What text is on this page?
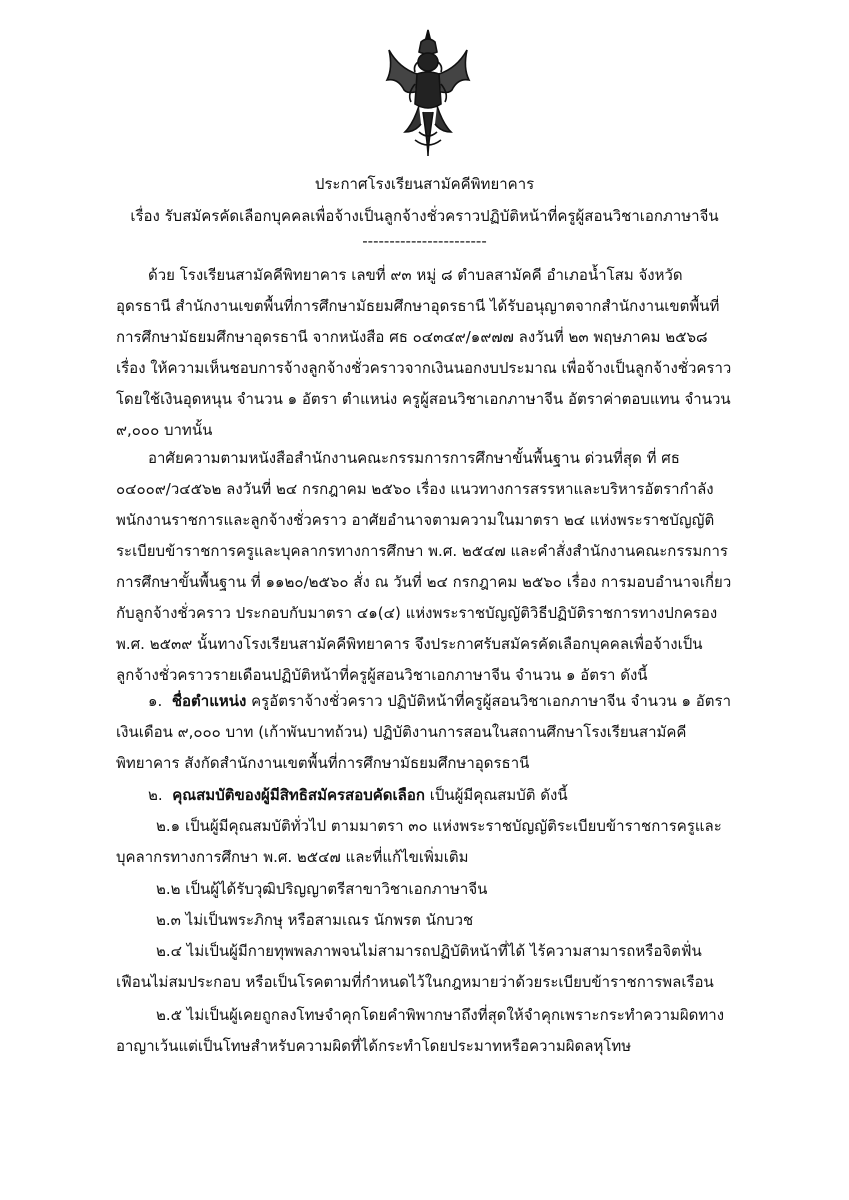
ประกาศโรงเรียนสามัคคีพิทยาคาร
เรื่อง รับสมัครคัดเลือกบุคคลเพื่อจ้างเป็นลูกจ้างชั่วคราวปฏิบัติหน้าที่ครูผู้สอนวิชาเอกภาษาจีน
-----------------------
ด้วย โรงเรียนสามัคคีพิทยาคาร เลขที่ ๙๓ หมู่ ๘ ตำบลสามัคคี อำเภอน้ำโสม จังหวัดอุดรธานี สำนักงานเขตพื้นที่การศึกษามัธยมศึกษาอุดรธานี ได้รับอนุญาตจากสำนักงานเขตพื้นที่การศึกษามัธยมศึกษาอุดรธานี จากหนังสือ ศธ ๐๔๓๔๙/๑๙๗๗ ลงวันที่ ๒๓ พฤษภาคม ๒๕๖๘ เรื่อง ให้ความเห็นชอบการจ้างลูกจ้างชั่วคราวจากเงินนอกงบประมาณ เพื่อจ้างเป็นลูกจ้างชั่วคราว โดยใช้เงินอุดหนุน จำนวน ๑ อัตรา ตำแหน่ง ครูผู้สอนวิชาเอกภาษาจีน อัตราค่าตอบแทน จำนวน ๙,๐๐๐ บาทนั้น
อาศัยความตามหนังสือสำนักงานคณะกรรมการการศึกษาขั้นพื้นฐาน ด่วนที่สุด ที่ ศธ ๐๔๐๐๙/ว๔๕๖๒ ลงวันที่ ๒๔ กรกฎาคม ๒๕๖๐ เรื่อง แนวทางการสรรหาและบริหารอัตรากำลังพนักงานราชการและลูกจ้างชั่วคราว อาศัยอำนาจตามความในมาตรา ๒๔ แห่งพระราชบัญญัติระเบียบข้าราชการครูและบุคลากรทางการศึกษา พ.ศ. ๒๕๔๗ และคำสั่งสำนักงานคณะกรรมการการศึกษาขั้นพื้นฐาน ที่ ๑๑๒๐/๒๕๖๐ สั่ง ณ วันที่ ๒๔ กรกฎาคม ๒๕๖๐ เรื่อง การมอบอำนาจเกี่ยวกับลูกจ้างชั่วคราว ประกอบกับมาตรา ๔๑(๔) แห่งพระราชบัญญัติวิธีปฏิบัติราชการทางปกครอง พ.ศ. ๒๕๓๙ นั้นทางโรงเรียนสามัคคีพิทยาคาร จึงประกาศรับสมัครคัดเลือกบุคคลเพื่อจ้างเป็นลูกจ้างชั่วคราวรายเดือนปฏิบัติหน้าที่ครูผู้สอนวิชาเอกภาษาจีน จำนวน ๑ อัตรา ดังนี้
๑. ชื่อตำแหน่ง ครูอัตราจ้างชั่วคราว ปฏิบัติหน้าที่ครูผู้สอนวิชาเอกภาษาจีน จำนวน ๑ อัตรา เงินเดือน ๙,๐๐๐ บาท (เก้าพันบาทถ้วน) ปฏิบัติงานการสอนในสถานศึกษาโรงเรียนสามัคคีพิทยาคาร สังกัดสำนักงานเขตพื้นที่การศึกษามัธยมศึกษาอุดรธานี
๒. คุณสมบัติของผู้มีสิทธิสมัครสอบคัดเลือก เป็นผู้มีคุณสมบัติ ดังนี้
๒.๑ เป็นผู้มีคุณสมบัติทั่วไป ตามมาตรา ๓๐ แห่งพระราชบัญญัติระเบียบข้าราชการครูและบุคลากรทางการศึกษา พ.ศ. ๒๕๔๗ และที่แก้ไขเพิ่มเติม
๒.๒ เป็นผู้ได้รับวุฒิปริญญาตรีสาขาวิชาเอกภาษาจีน
๒.๓ ไม่เป็นพระภิกษุ หรือสามเณร นักพรต นักบวช
๒.๔ ไม่เป็นผู้มีกายทุพพลภาพจนไม่สามารถปฏิบัติหน้าที่ได้ ไร้ความสามารถหรือจิตฟั่นเฟือนไม่สมประกอบ หรือเป็นโรคตามที่กำหนดไว้ในกฎหมายว่าด้วยระเบียบข้าราชการพลเรือน
๒.๕ ไม่เป็นผู้เคยถูกลงโทษจำคุกโดยคำพิพากษาถึงที่สุดให้จำคุกเพราะกระทำความผิดทางอาญาเว้นแต่เป็นโทษสำหรับความผิดที่ได้กระทำโดยประมาทหรือความผิดลหุโทษ
